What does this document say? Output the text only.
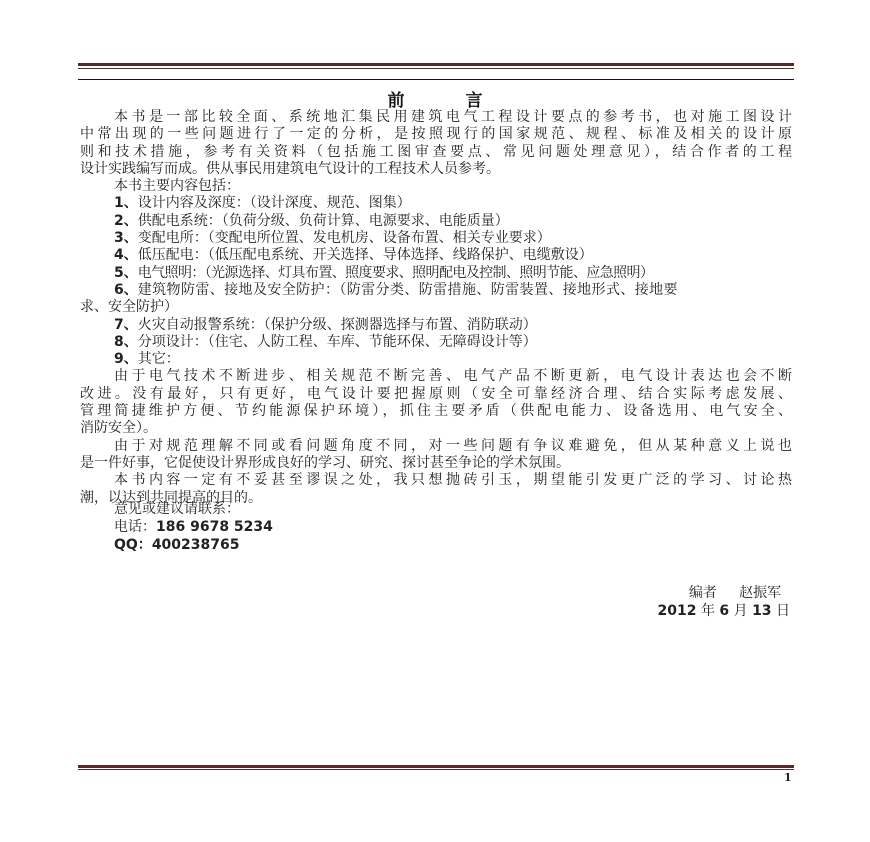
前　言
本书是一部比较全面、系统地汇集民用建筑电气工程设计要点的参考书，也对施工图设计
中常出现的一些问题进行了一定的分析，是按照现行的国家规范、规程、标准及相关的设计原
则和技术措施，参考有关资料（包括施工图审查要点、常见问题处理意见），结合作者的工程
设计实践编写而成。供从事民用建筑电气设计的工程技术人员参考。
本书主要内容包括：
1、设计内容及深度：（设计深度、规范、图集）
2、供配电系统：（负荷分级、负荷计算、电源要求、电能质量）
3、变配电所：（变配电所位置、发电机房、设备布置、相关专业要求）
4、低压配电：（低压配电系统、开关选择、导体选择、线路保护、电缆敷设）
5、电气照明：（光源选择、灯具布置、照度要求、照明配电及控制、照明节能、应急照明）
6、建筑物防雷、接地及安全防护：（防雷分类、防雷措施、防雷装置、接地形式、接地要
求、安全防护）
7、火灾自动报警系统：（保护分级、探测器选择与布置、消防联动）
8、分项设计：（住宅、人防工程、车库、节能环保、无障碍设计等）
9、其它：
由于电气技术不断进步、相关规范不断完善、电气产品不断更新，电气设计表达也会不断
改进。没有最好，只有更好，电气设计要把握原则（安全可靠经济合理、结合实际考虑发展、
管理简捷维护方便、节约能源保护环境），抓住主要矛盾（供配电能力、设备选用、电气安全、
消防安全）。
由于对规范理解不同或看问题角度不同，对一些问题有争议难避免，但从某种意义上说也
是一件好事，它促使设计界形成良好的学习、研究、探讨甚至争论的学术氛围。
本书内容一定有不妥甚至谬误之处，我只想抛砖引玉，期望能引发更广泛的学习、讨论热
潮，以达到共同提高的目的。
意见或建议请联系：
电话：186 9678 5234
QQ：400238765
编者 赵振军
2012 年 6 月 13 日
1
